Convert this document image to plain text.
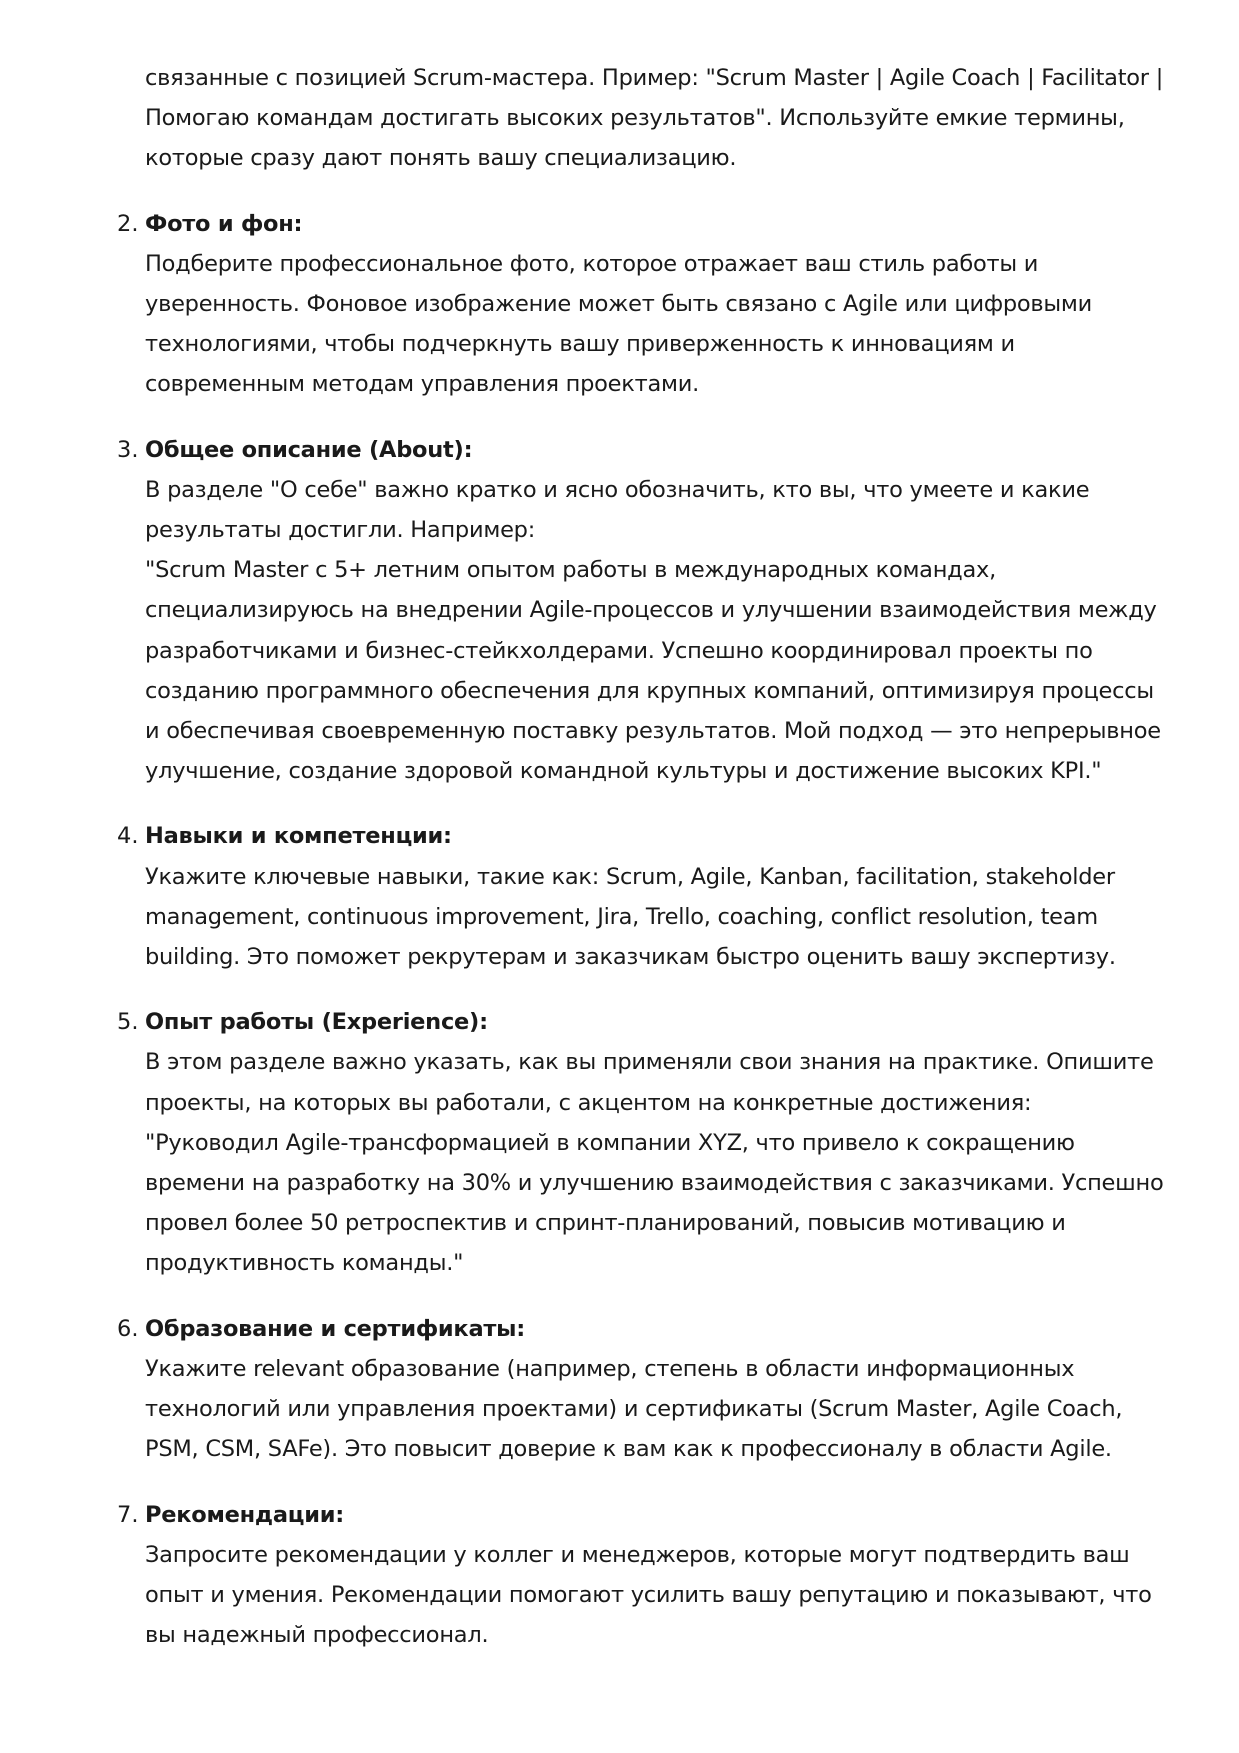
связанные с позицией Scrum-мастера. Пример: "Scrum Master | Agile Coach | Facilitator |

Помогаю командам достигать высоких результатов". Используйте емкие термины,

которые сразу дают понять вашу специализацию.

2. Фото и фон:

Подберите профессиональное фото, которое отражает ваш стиль работы и

уверенность. Фоновое изображение может быть связано с Agile или цифровыми

технологиями, чтобы подчеркнуть вашу приверженность к инновациям и

современным методам управления проектами.

3. Общее описание (About):

В разделе "О себе" важно кратко и ясно обозначить, кто вы, что умеете и какие

результаты достигли. Например:

"Scrum Master с 5+ летним опытом работы в международных командах,

специализируюсь на внедрении Agile-процессов и улучшении взаимодействия между

разработчиками и бизнес-стейкхолдерами. Успешно координировал проекты по

созданию программного обеспечения для крупных компаний, оптимизируя процессы

и обеспечивая своевременную поставку результатов. Мой подход — это непрерывное

улучшение, создание здоровой командной культуры и достижение высоких KPI."

4. Навыки и компетенции:

Укажите ключевые навыки, такие как: Scrum, Agile, Kanban, facilitation, stakeholder

management, continuous improvement, Jira, Trello, coaching, conflict resolution, team

building. Это поможет рекрутерам и заказчикам быстро оценить вашу экспертизу.

5. Опыт работы (Experience):

В этом разделе важно указать, как вы применяли свои знания на практике. Опишите

проекты, на которых вы работали, с акцентом на конкретные достижения:

"Руководил Agile-трансформацией в компании XYZ, что привело к сокращению

времени на разработку на 30% и улучшению взаимодействия с заказчиками. Успешно

провел более 50 ретроспектив и спринт-планирований, повысив мотивацию и

продуктивность команды."

6. Образование и сертификаты:

Укажите relevant образование (например, степень в области информационных

технологий или управления проектами) и сертификаты (Scrum Master, Agile Coach,

PSM, CSM, SAFe). Это повысит доверие к вам как к профессионалу в области Agile.

7. Рекомендации:

Запросите рекомендации у коллег и менеджеров, которые могут подтвердить ваш

опыт и умения. Рекомендации помогают усилить вашу репутацию и показывают, что

вы надежный профессионал.
